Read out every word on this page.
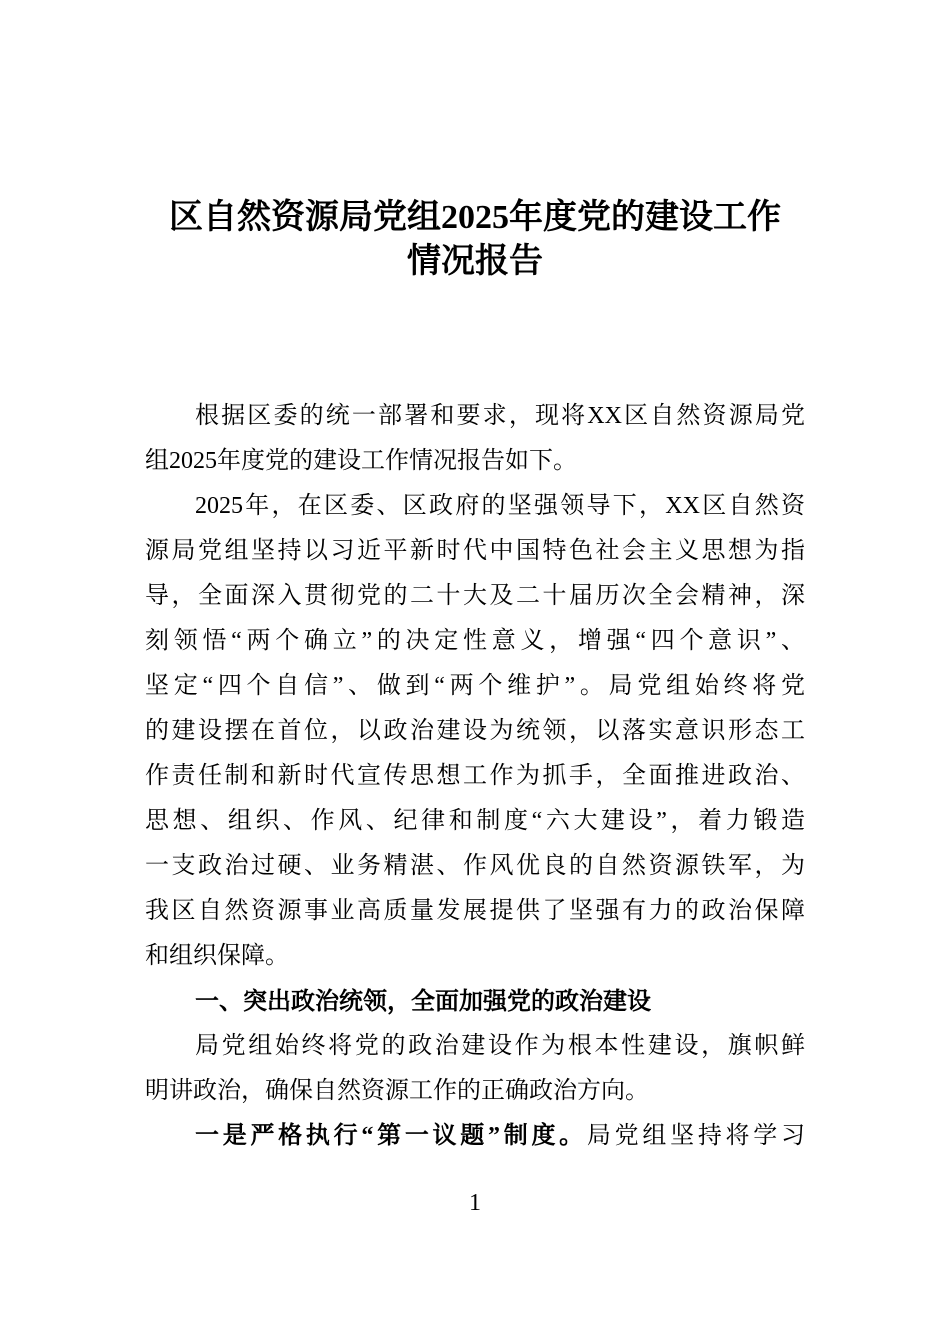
区自然资源局党组2025年度党的建设工作
情况报告
根据区委的统一部署和要求，现将XX区自然资源局党
组2025年度党的建设工作情况报告如下。
2025年，在区委、区政府的坚强领导下，XX区自然资
源局党组坚持以习近平新时代中国特色社会主义思想为指
导，全面深入贯彻党的二十大及二十届历次全会精神，深
刻领悟“两个确立”的决定性意义，增强“四个意识”、
坚定“四个自信”、做到“两个维护”。局党组始终将党
的建设摆在首位，以政治建设为统领，以落实意识形态工
作责任制和新时代宣传思想工作为抓手，全面推进政治、
思想、组织、作风、纪律和制度“六大建设”，着力锻造
一支政治过硬、业务精湛、作风优良的自然资源铁军，为
我区自然资源事业高质量发展提供了坚强有力的政治保障
和组织保障。
一、突出政治统领，全面加强党的政治建设
局党组始终将党的政治建设作为根本性建设，旗帜鲜
明讲政治，确保自然资源工作的正确政治方向。
一是严格执行“第一议题”制度。局党组坚持将学习
1
